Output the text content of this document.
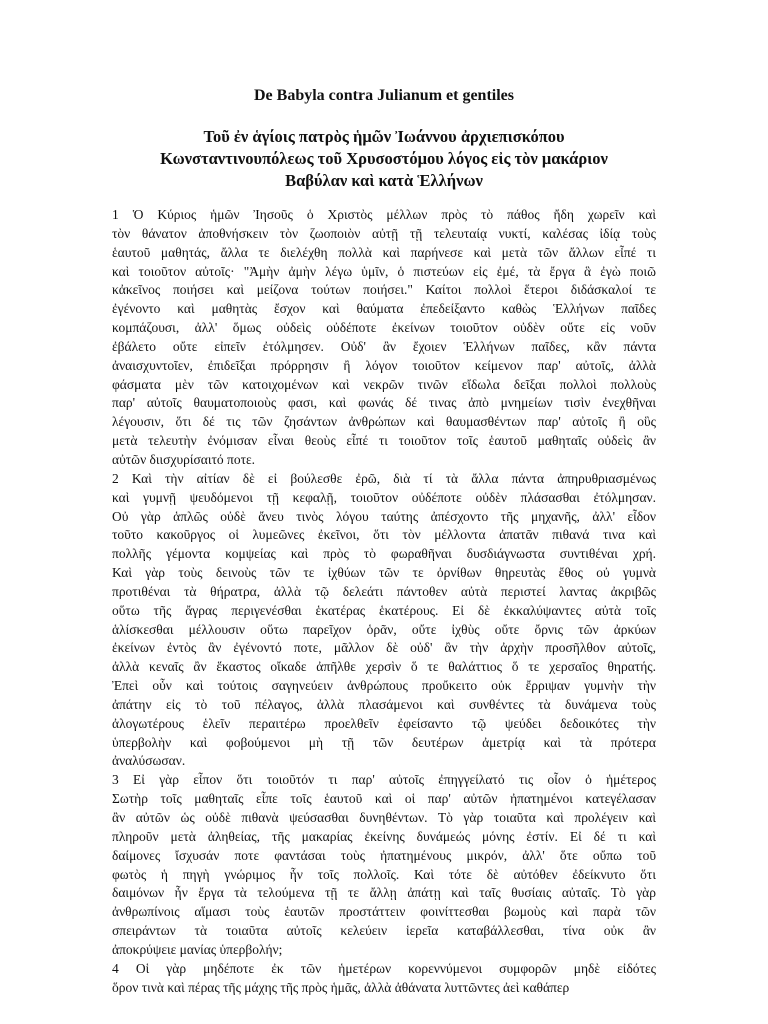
De Babyla contra Julianum et gentiles
Τοῦ ἐν ἁγίοις πατρὸς ἡμῶν Ἰωάννου ἀρχιεπισκόπου
Κωνσταντινουπόλεως τοῦ Χρυσοστόμου λόγος εἰς τὸν μακάριον
Βαβύλαν καὶ κατὰ Ἑλλήνων
1 Ὁ Κύριος ἡμῶν Ἰησοῦς ὁ Χριστὸς μέλλων πρὸς τὸ πάθος ἤδη χωρεῖν καὶ
τὸν θάνατον ἀποθνήσκειν τὸν ζωοποιὸν αὐτῇ τῇ τελευταίᾳ νυκτί, καλέσας ἰδίᾳ τοὺς
ἑαυτοῦ μαθητάς, ἄλλα τε διελέχθη πολλὰ καὶ παρήνεσε καὶ μετὰ τῶν ἄλλων εἶπέ τι
καὶ τοιοῦτον αὐτοῖς· "Ἀμὴν ἀμὴν λέγω ὑμῖν, ὁ πιστεύων εἰς ἐμέ, τὰ ἔργα ἃ ἐγὼ ποιῶ
κἀκεῖνος ποιήσει καὶ μείζονα τούτων ποιήσει." Καίτοι πολλοὶ ἕτεροι διδάσκαλοί τε
ἐγένοντο καὶ μαθητὰς ἔσχον καὶ θαύματα ἐπεδείξαντο καθὼς Ἑλλήνων παῖδες
κομπάζουσι, ἀλλ' ὅμως οὐδεὶς οὐδέποτε ἐκείνων τοιοῦτον οὐδὲν οὔτε εἰς νοῦν
ἐβάλετο οὔτε εἰπεῖν ἐτόλμησεν. Οὐδ' ἂν ἔχοιεν Ἑλλήνων παῖδες, κἂν πάντα
ἀναισχυντοῖεν, ἐπιδεῖξαι πρόρρησιν ἢ λόγον τοιοῦτον κείμενον παρ' αὐτοῖς, ἀλλὰ
φάσματα μὲν τῶν κατοιχομένων καὶ νεκρῶν τινῶν εἴδωλα δεῖξαι πολλοὶ πολλοὺς
παρ' αὐτοῖς θαυματοποιοὺς φασι, καὶ φωνάς δέ τινας ἀπὸ μνημείων τισὶν ἐνεχθῆναι
λέγουσιν, ὅτι δέ τις τῶν ζησάντων ἀνθρώπων καὶ θαυμασθέντων παρ' αὐτοῖς ἢ οὓς
μετὰ τελευτὴν ἐνόμισαν εἶναι θεοὺς εἶπέ τι τοιοῦτον τοῖς ἑαυτοῦ μαθηταῖς οὐδεὶς ἂν
αὐτῶν διισχυρίσαιτό ποτε.
2 Καὶ τὴν αἰτίαν δὲ εἰ βούλεσθε ἐρῶ, διὰ τί τὰ ἄλλα πάντα ἀπηρυθριασμένως
καὶ γυμνῇ ψευδόμενοι τῇ κεφαλῇ, τοιοῦτον οὐδέποτε οὐδὲν πλάσασθαι ἐτόλμησαν.
Οὐ γὰρ ἁπλῶς οὐδὲ ἄνευ τινὸς λόγου ταύτης ἀπέσχοντο τῆς μηχανῆς, ἀλλ' εἶδον
τοῦτο κακοῦργος οἱ λυμεῶνες ἐκεῖνοι, ὅτι τὸν μέλλοντα ἀπατᾶν πιθανά τινα καὶ
πολλῆς γέμοντα κομψείας καὶ πρὸς τὸ φωραθῆναι δυσδιάγνωστα συντιθέναι χρή.
Καὶ γὰρ τοὺς δεινοὺς τῶν τε ἰχθύων τῶν τε ὀρνίθων θηρευτὰς ἔθος οὐ γυμνὰ
προτιθέναι τὰ θήρατρα, ἀλλὰ τῷ δελεάτι πάντοθεν αὐτὰ περιστεί λαντας ἀκριβῶς
οὕτω τῆς ἄγρας περιγενέσθαι ἑκατέρας ἑκατέρους. Εἰ δὲ ἐκκαλύψαντες αὐτὰ τοῖς
ἁλίσκεσθαι μέλλουσιν οὕτω παρεῖχον ὁρᾶν, οὔτε ἰχθὺς οὔτε ὄρνις τῶν ἀρκύων
ἐκείνων ἐντὸς ἂν ἐγένοντό ποτε, μᾶλλον δὲ οὐδ' ἂν τὴν ἀρχὴν προσῆλθον αὐτοῖς,
ἀλλὰ κεναῖς ἂν ἕκαστος οἴκαδε ἀπῆλθε χερσὶν ὅ τε θαλάττιος ὅ τε χερσαῖος θηρατής.
Ἐπεὶ οὖν καὶ τούτοις σαγηνεύειν ἀνθρώπους προὔκειτο οὐκ ἔρριψαν γυμνὴν τὴν
ἀπάτην εἰς τὸ τοῦ πέλαγος, ἀλλὰ πλασάμενοι καὶ συνθέντες τὰ δυνάμενα τοὺς
ἀλογωτέρους ἑλεῖν περαιτέρω προελθεῖν ἐφείσαντο τῷ ψεύδει δεδοικότες τὴν
ὑπερβολὴν καὶ φοβούμενοι μὴ τῇ τῶν δευτέρων ἀμετρίᾳ καὶ τὰ πρότερα
ἀναλύσωσαν.
3 Εἰ γὰρ εἶπον ὅτι τοιοῦτόν τι παρ' αὐτοῖς ἐπηγγείλατό τις οἷον ὁ ἡμέτερος
Σωτὴρ τοῖς μαθηταῖς εἶπε τοῖς ἑαυτοῦ καὶ οἱ παρ' αὐτῶν ἠπατημένοι κατεγέλασαν
ἂν αὐτῶν ὡς οὐδὲ πιθανὰ ψεύσασθαι δυνηθέντων. Τὸ γὰρ τοιαῦτα καὶ προλέγειν καὶ
πληροῦν μετὰ ἀληθείας, τῆς μακαρίας ἐκείνης δυνάμεώς μόνης ἐστίν. Εἰ δέ τι καὶ
δαίμονες ἴσχυσάν ποτε φαντάσαι τοὺς ἠπατημένους μικρόν, ἀλλ' ὅτε οὔπω τοῦ
φωτὸς ἡ πηγὴ γνώριμος ἦν τοῖς πολλοῖς. Καὶ τότε δὲ αὐτόθεν ἐδείκνυτο ὅτι
δαιμόνων ἦν ἔργα τὰ τελούμενα τῇ τε ἄλλῃ ἀπάτῃ καὶ ταῖς θυσίαις αὐταῖς. Τὸ γὰρ
ἀνθρωπίνοις αἵμασι τοὺς ἑαυτῶν προστάττειν φοινίττεσθαι βωμοὺς καὶ παρὰ τῶν
σπειράντων τὰ τοιαῦτα αὐτοῖς κελεύειν ἱερεῖα καταβάλλεσθαι, τίνα οὐκ ἂν
ἀποκρύψειε μανίας ὑπερβολήν;
4 Οἱ γὰρ μηδέποτε ἐκ τῶν ἡμετέρων κορεννύμενοι συμφορῶν μηδὲ εἰδότες
ὅρον τινὰ καὶ πέρας τῆς μάχης τῆς πρὸς ἡμᾶς, ἀλλὰ ἀθάνατα λυττῶντες ἀεὶ καθάπερ
